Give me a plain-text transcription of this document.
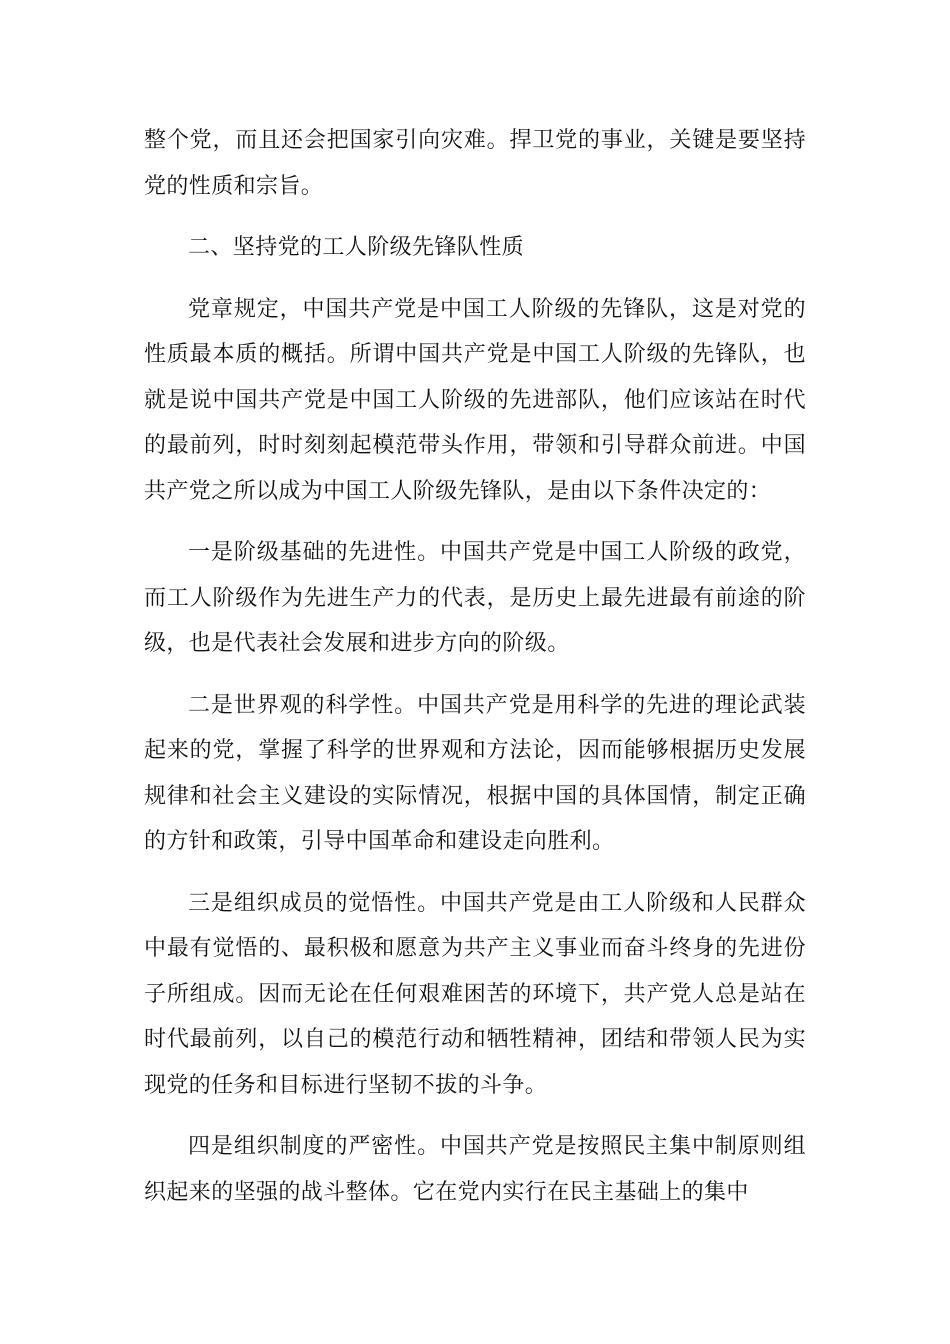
整个党，而且还会把国家引向灾难。捍卫党的事业，关键是要坚持党的性质和宗旨。

二、坚持党的工人阶级先锋队性质

党章规定，中国共产党是中国工人阶级的先锋队，这是对党的性质最本质的概括。所谓中国共产党是中国工人阶级的先锋队，也就是说中国共产党是中国工人阶级的先进部队，他们应该站在时代的最前列，时时刻刻起模范带头作用，带领和引导群众前进。中国共产党之所以成为中国工人阶级先锋队，是由以下条件决定的：

一是阶级基础的先进性。中国共产党是中国工人阶级的政党，而工人阶级作为先进生产力的代表，是历史上最先进最有前途的阶级，也是代表社会发展和进步方向的阶级。

二是世界观的科学性。中国共产党是用科学的先进的理论武装起来的党，掌握了科学的世界观和方法论，因而能够根据历史发展规律和社会主义建设的实际情况，根据中国的具体国情，制定正确的方针和政策，引导中国革命和建设走向胜利。

三是组织成员的觉悟性。中国共产党是由工人阶级和人民群众中最有觉悟的、最积极和愿意为共产主义事业而奋斗终身的先进份子所组成。因而无论在任何艰难困苦的环境下，共产党人总是站在时代最前列，以自己的模范行动和牺牲精神，团结和带领人民为实现党的任务和目标进行坚韧不拔的斗争。

四是组织制度的严密性。中国共产党是按照民主集中制原则组织起来的坚强的战斗整体。它在党内实行在民主基础上的集中
